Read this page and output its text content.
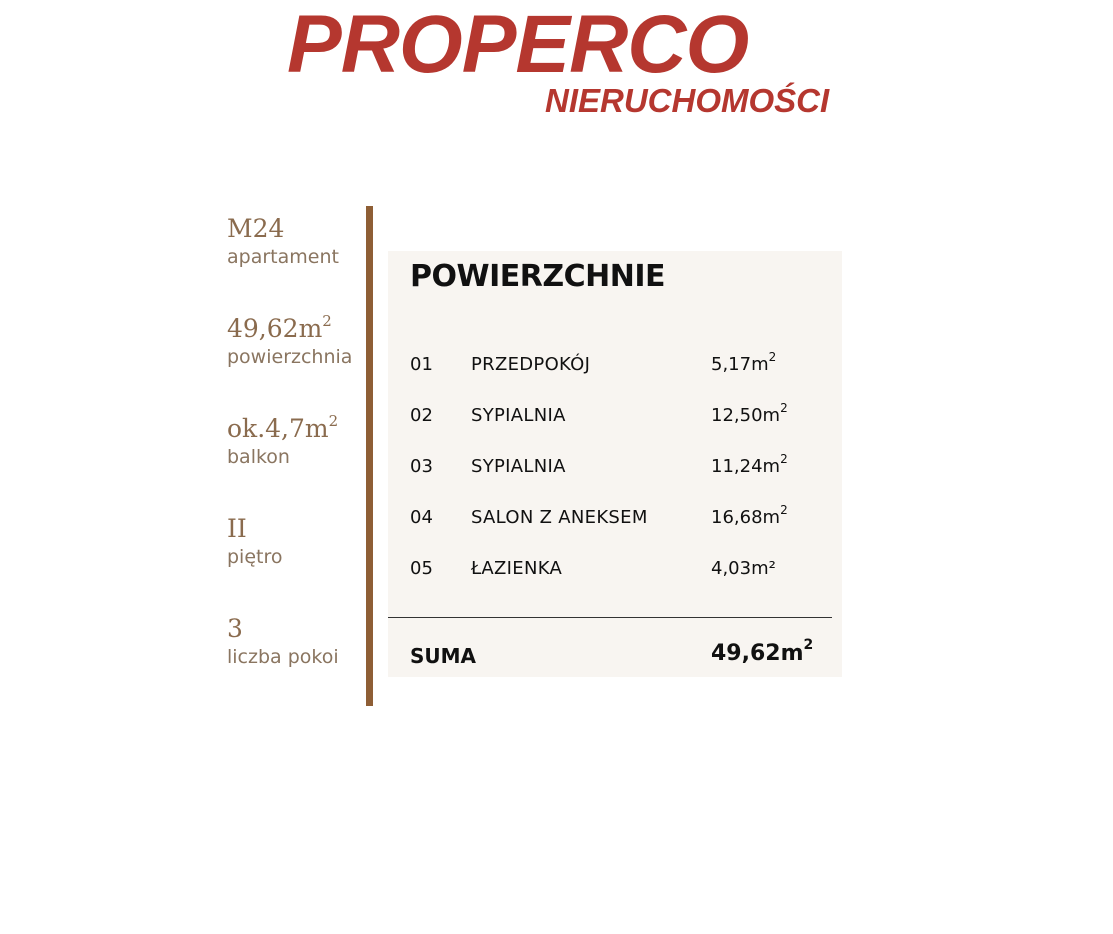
PROPERCO
NIERUCHOMOŚCI
M24
apartament
$49,62m^2$
powierzchnia
$ok.4,7m^2$
balkon
II
piętro
3
liczba pokoi
POWIERZCHNIE
01 PRZEDPOKÓJ	$5,17m^2$
02 SYPIALNIA	$12,50m^2$
03 SYPIALNIA	$11,24m^2$
04 SALON Z ANEKSEM	$16,68m^2$
05 ŁAZIENKA	4,03m²
SUMA	$49,62m^2$
